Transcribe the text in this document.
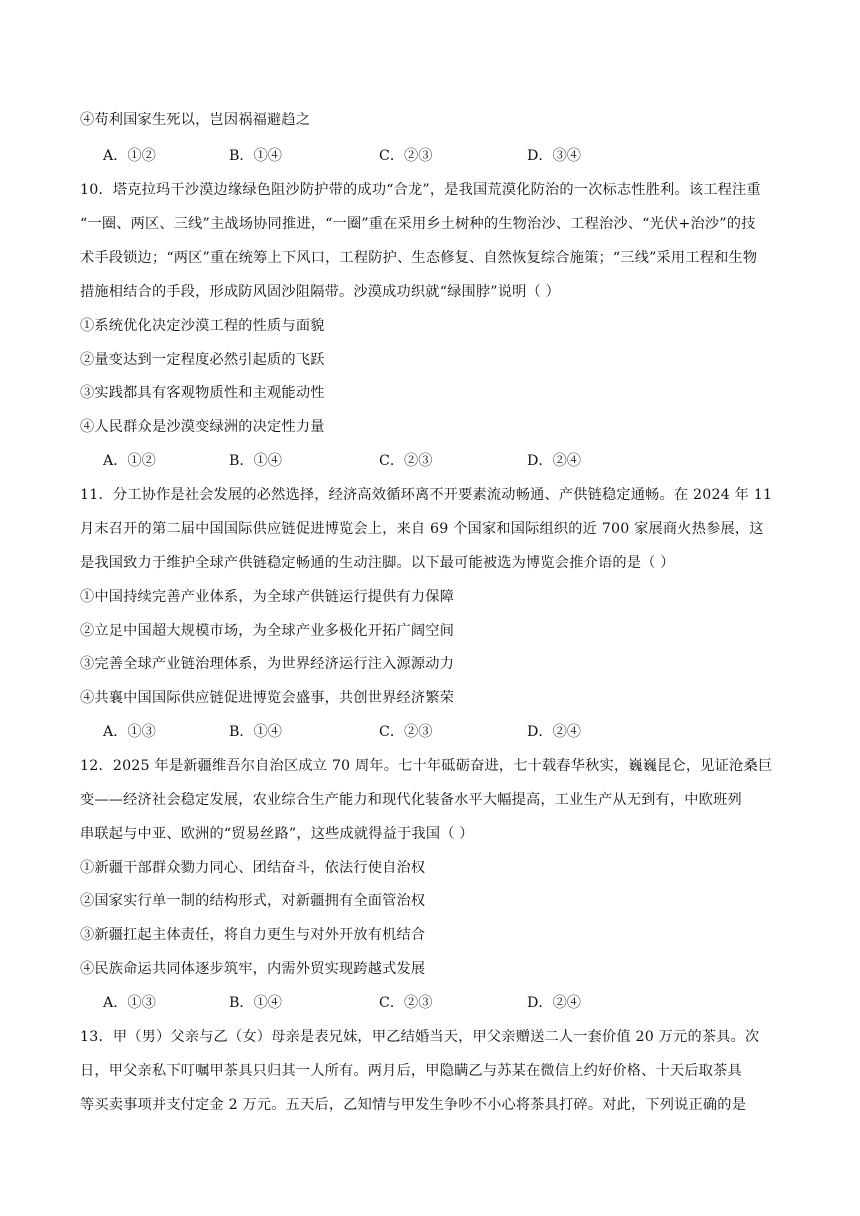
④苟利国家生死以，岂因祸福避趋之
A．①②	B．①④	C．②③	D．③④
10．塔克拉玛干沙漠边缘绿色阻沙防护带的成功“合龙”，是我国荒漠化防治的一次标志性胜利。该工程注重
“一圈、两区、三线”主战场协同推进，“一圈”重在采用乡土树种的生物治沙、工程治沙、“光伏+治沙”的技
术手段锁边；“两区”重在统筹上下风口，工程防护、生态修复、自然恢复综合施策；“三线”采用工程和生物
措施相结合的手段，形成防风固沙阻隔带。沙漠成功织就“绿围脖”说明（ ）
①系统优化决定沙漠工程的性质与面貌
②量变达到一定程度必然引起质的飞跃
③实践都具有客观物质性和主观能动性
④人民群众是沙漠变绿洲的决定性力量
A．①②	B．①④	C．②③	D．②④
11．分工协作是社会发展的必然选择，经济高效循环离不开要素流动畅通、产供链稳定通畅。在 2024 年 11
月末召开的第二届中国国际供应链促进博览会上，来自 69 个国家和国际组织的近 700 家展商火热参展，这
是我国致力于维护全球产供链稳定畅通的生动注脚。以下最可能被选为博览会推介语的是（ ）
①中国持续完善产业体系，为全球产供链运行提供有力保障
②立足中国超大规模市场，为全球产业多极化开拓广阔空间
③完善全球产业链治理体系，为世界经济运行注入源源动力
④共襄中国国际供应链促进博览会盛事，共创世界经济繁荣
A．①③	B．①④	C．②③	D．②④
12．2025 年是新疆维吾尔自治区成立 70 周年。七十年砥砺奋进，七十载春华秋实，巍巍昆仑，见证沧桑巨
变——经济社会稳定发展，农业综合生产能力和现代化装备水平大幅提高，工业生产从无到有，中欧班列
串联起与中亚、欧洲的“贸易丝路”，这些成就得益于我国（ ）
①新疆干部群众勠力同心、团结奋斗，依法行使自治权
②国家实行单一制的结构形式，对新疆拥有全面管治权
③新疆扛起主体责任，将自力更生与对外开放有机结合
④民族命运共同体逐步筑牢，内需外贸实现跨越式发展
A．①③	B．①④	C．②③	D．②④
13．甲（男）父亲与乙（女）母亲是表兄妹，甲乙结婚当天，甲父亲赠送二人一套价值 20 万元的茶具。次
日，甲父亲私下叮嘱甲茶具只归其一人所有。两月后，甲隐瞒乙与苏某在微信上约好价格、十天后取茶具
等买卖事项并支付定金 2 万元。五天后，乙知情与甲发生争吵不小心将茶具打碎。对此，下列说正确的是
